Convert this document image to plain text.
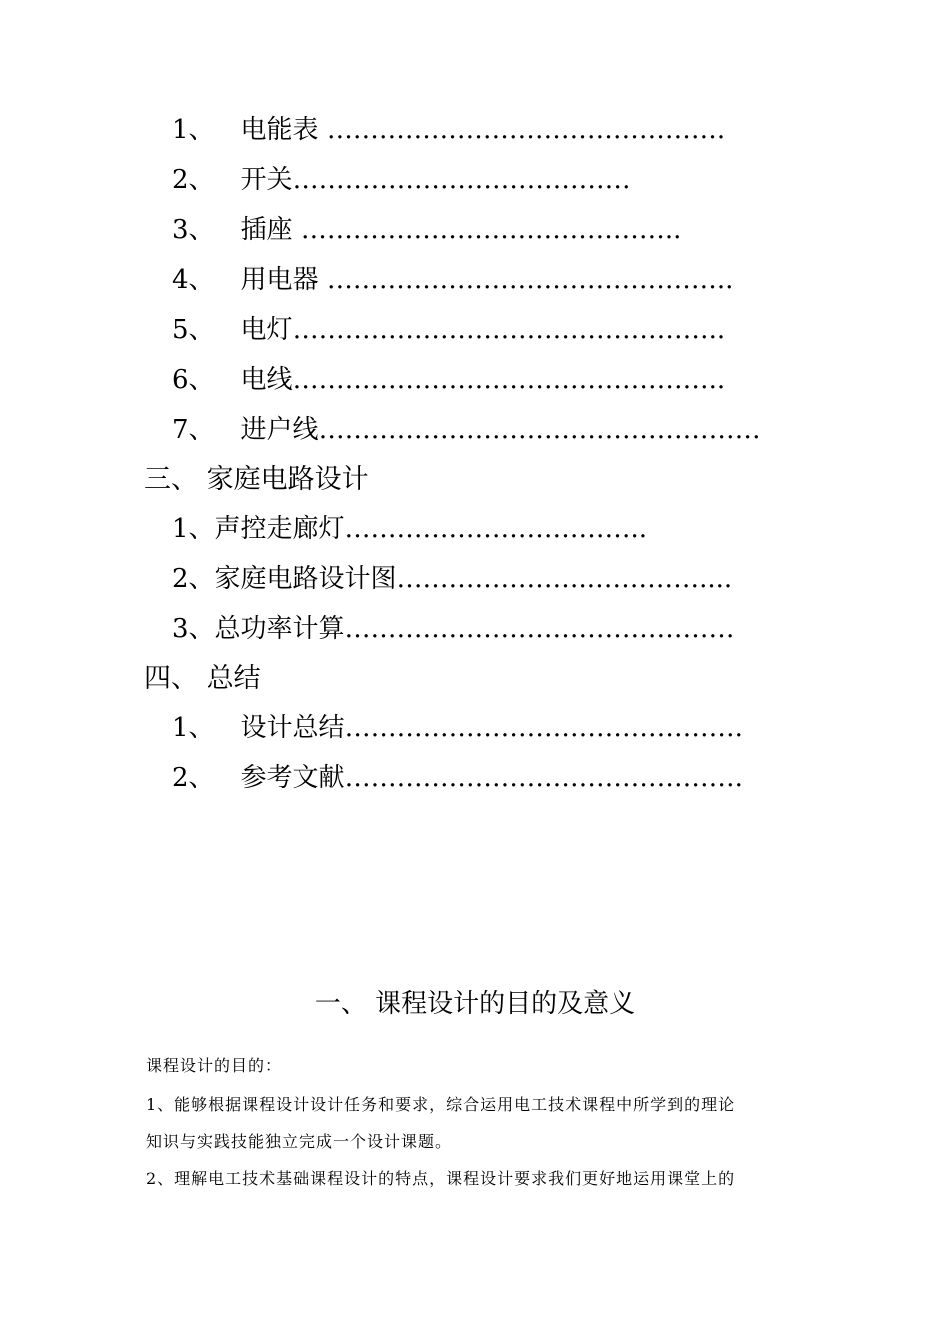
1、 电能表 ……………………………………….
2、 开关…………………………………
3、 插座 ……………………………………..
4、 用电器 ………………………………………..
5、 电灯…………………………………………..
6、 电线…………………………………………..
7、 进户线……………………………………………
三、 家庭电路设计
1、声控走廊灯……………………………..
2、家庭电路设计图…………………..…………....
3、总功率计算………………………………………
四、 总结
1、 设计总结……………………………………….
2、 参考文献……………………………………….
一、 课程设计的目的及意义
课程设计的目的：
1、能够根据课程设计设计任务和要求，综合运用电工技术课程中所学到的理论
知识与实践技能独立完成一个设计课题。
2、理解电工技术基础课程设计的特点，课程设计要求我们更好地运用课堂上的
